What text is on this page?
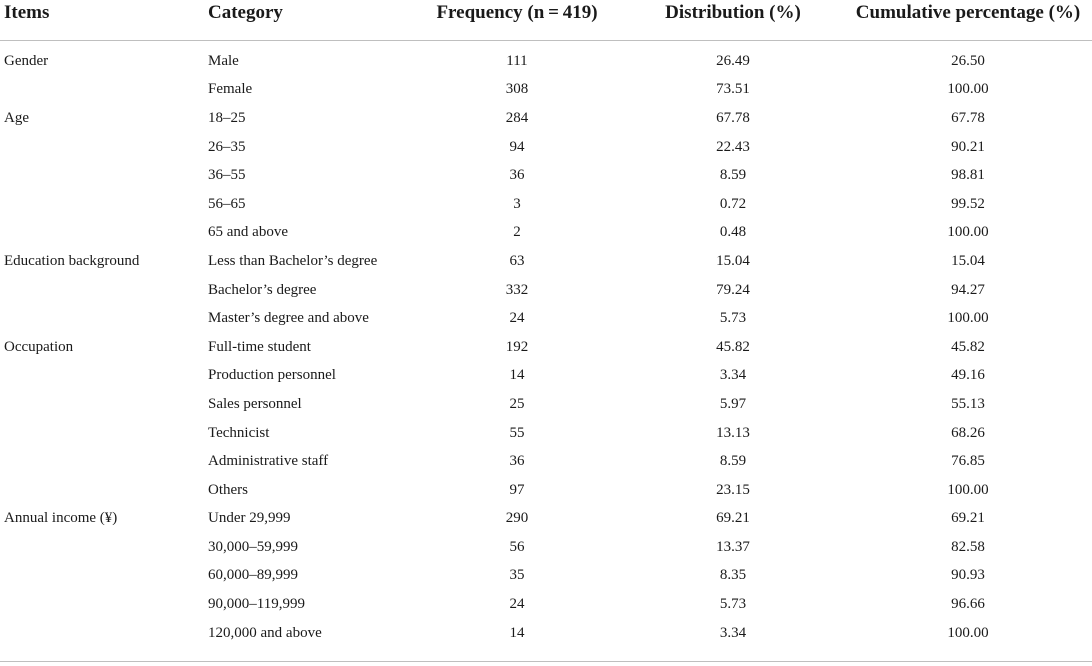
Items	Category	Frequency (n = 419)	Distribution (%)	Cumulative percentage (%)
Gender	Male	111	26.49	26.50
	Female	308	73.51	100.00
Age	18–25	284	67.78	67.78
	26–35	94	22.43	90.21
	36–55	36	8.59	98.81
	56–65	3	0.72	99.52
	65 and above	2	0.48	100.00
Education background	Less than Bachelor’s degree	63	15.04	15.04
	Bachelor’s degree	332	79.24	94.27
	Master’s degree and above	24	5.73	100.00
Occupation	Full-time student	192	45.82	45.82
	Production personnel	14	3.34	49.16
	Sales personnel	25	5.97	55.13
	Technicist	55	13.13	68.26
	Administrative staff	36	8.59	76.85
	Others	97	23.15	100.00
Annual income (¥)	Under 29,999	290	69.21	69.21
	30,000–59,999	56	13.37	82.58
	60,000–89,999	35	8.35	90.93
	90,000–119,999	24	5.73	96.66
	120,000 and above	14	3.34	100.00
